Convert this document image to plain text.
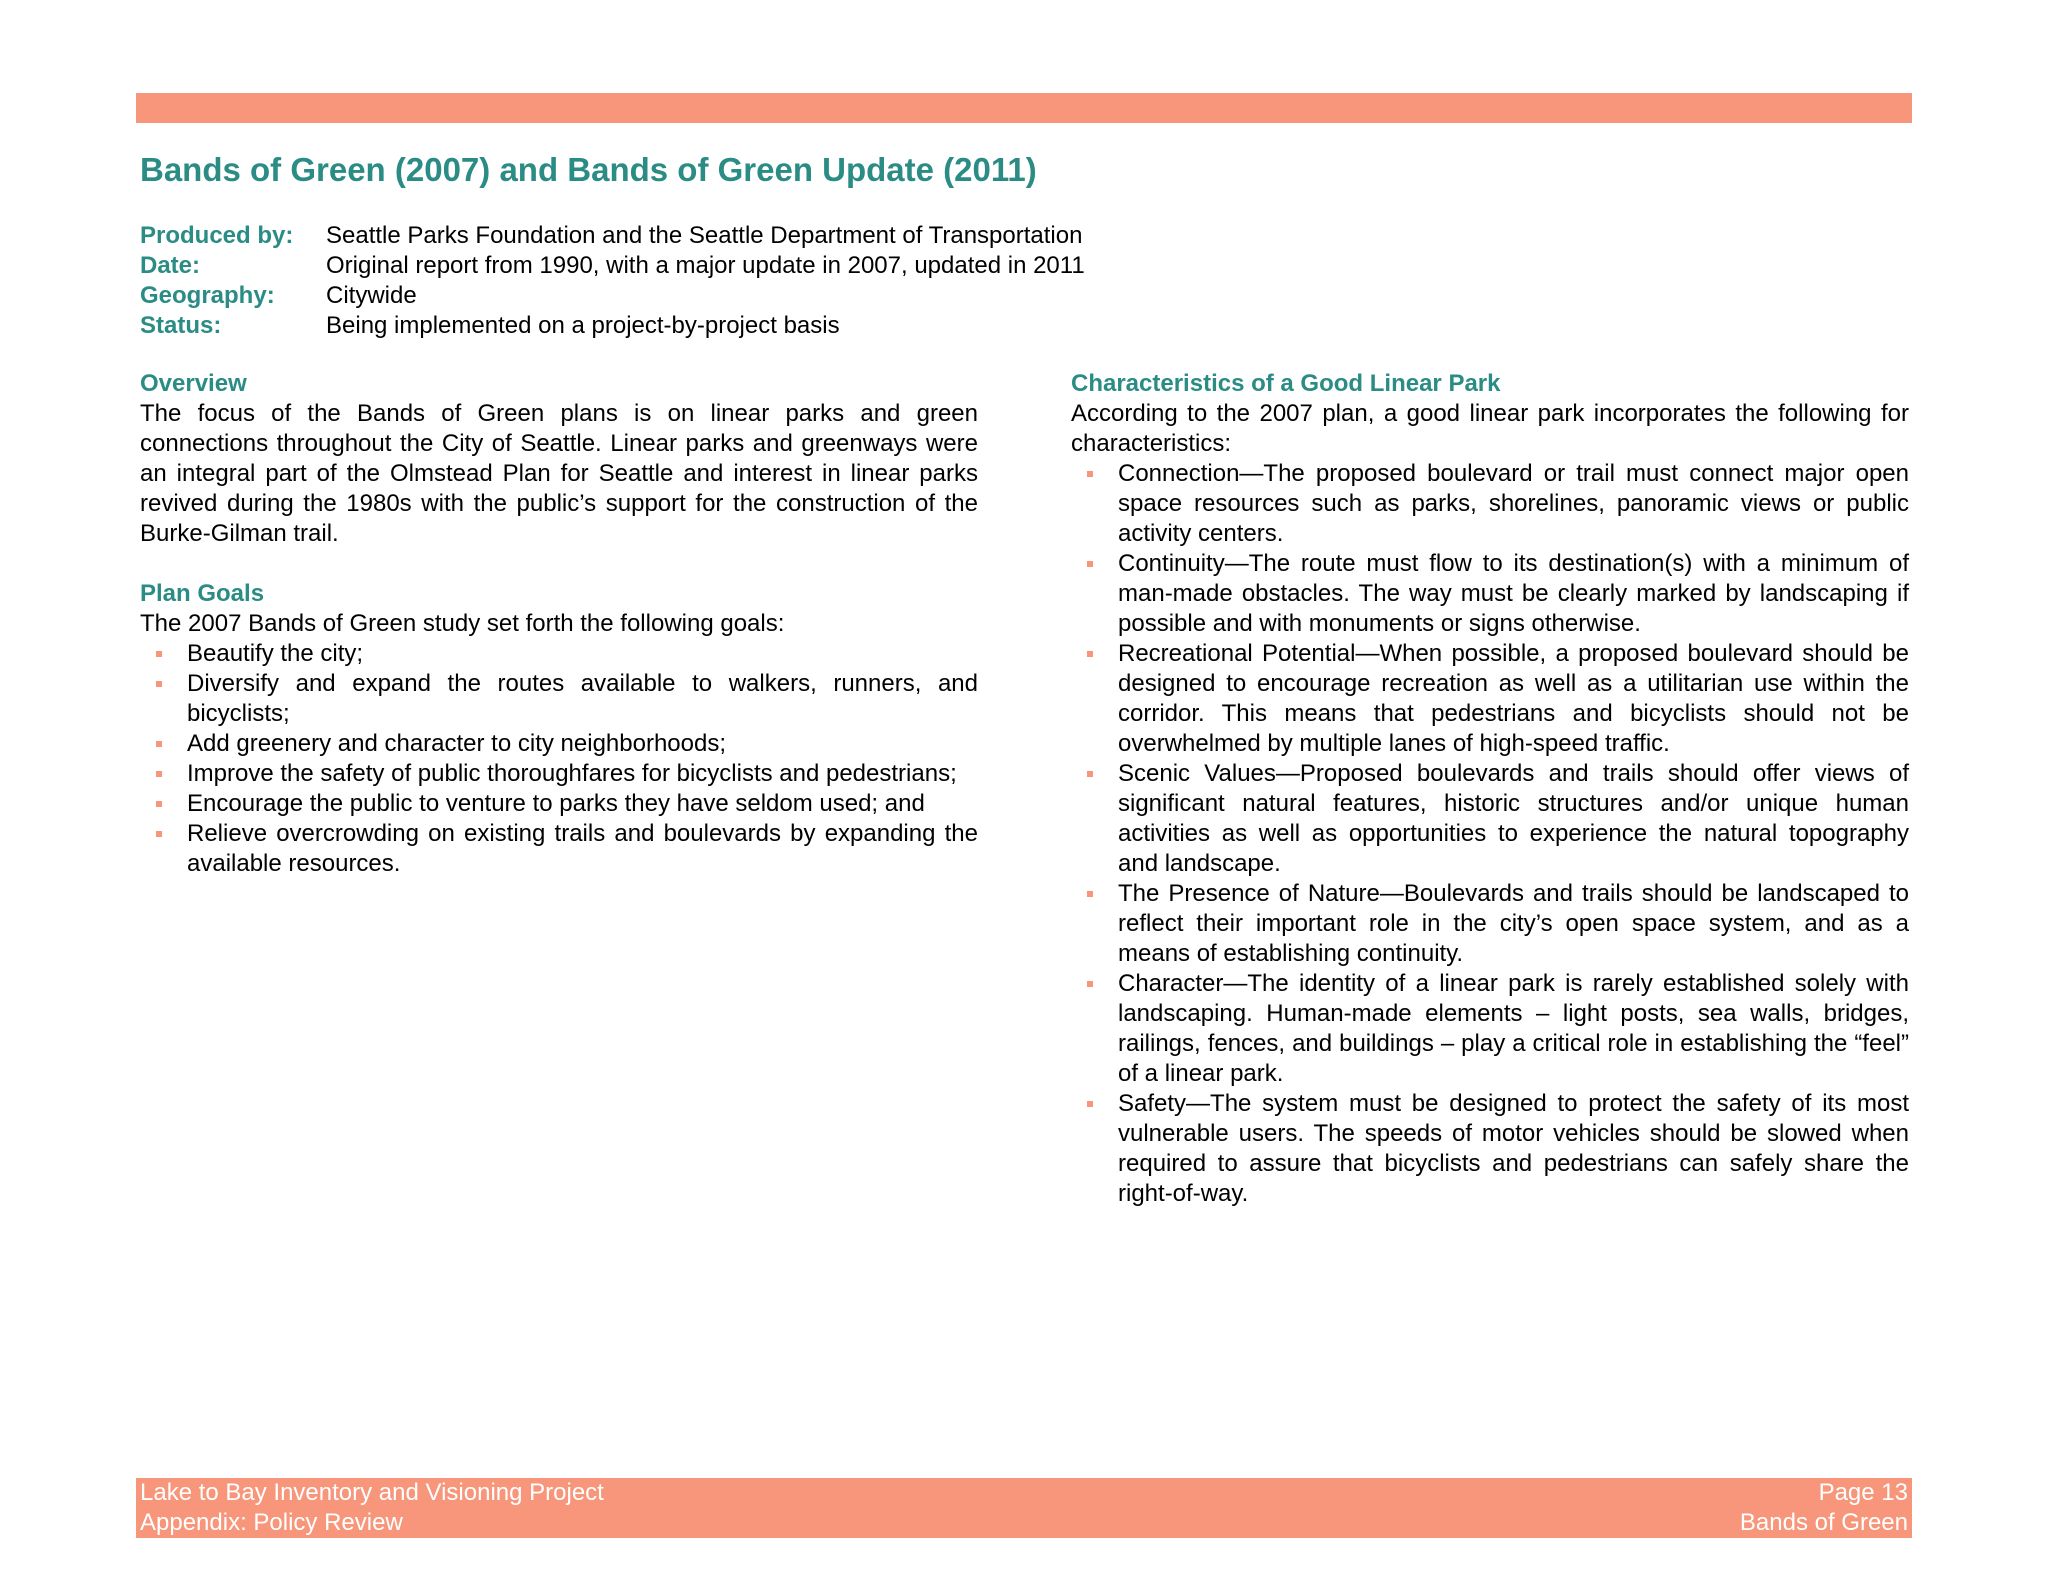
Bands of Green (2007) and Bands of Green Update (2011)
Produced by:	Seattle Parks Foundation and the Seattle Department of Transportation
Date:	Original report from 1990, with a major update in 2007, updated in 2011
Geography:	Citywide
Status:	Being implemented on a project-by-project basis
Overview

The focus of the Bands of Green plans is on linear parks and green connections throughout the City of Seattle. Linear parks and greenways were an integral part of the Olmstead Plan for Seattle and interest in linear parks revived during the 1980s with the public’s support for the construction of the Burke-Gilman trail.

Plan Goals

The 2007 Bands of Green study set forth the following goals:

Beautify the city;
Diversify and expand the routes available to walkers, runners, and bicyclists;
Add greenery and character to city neighborhoods;
Improve the safety of public thoroughfares for bicyclists and pedestrians;
Encourage the public to venture to parks they have seldom used; and
Relieve overcrowding on existing trails and boulevards by expanding the available resources.
Characteristics of a Good Linear Park

According to the 2007 plan, a good linear park incorporates the following for characteristics:

Connection—The proposed boulevard or trail must connect major open space resources such as parks, shorelines, panoramic views or public activity centers.
Continuity—The route must flow to its destination(s) with a minimum of man-made obstacles. The way must be clearly marked by landscaping if possible and with monuments or signs otherwise.
Recreational Potential—When possible, a proposed boulevard should be designed to encourage recreation as well as a utilitarian use within the corridor. This means that pedestrians and bicyclists should not be overwhelmed by multiple lanes of high-speed traffic.
Scenic Values—Proposed boulevards and trails should offer views of significant natural features, historic structures and/or unique human activities as well as opportunities to experience the natural topography and landscape.
The Presence of Nature—Boulevards and trails should be landscaped to reflect their important role in the city’s open space system, and as a means of establishing continuity.
Character—The identity of a linear park is rarely established solely with landscaping. Human-made elements – light posts, sea walls, bridges, railings, fences, and buildings – play a critical role in establishing the “feel” of a linear park.
Safety—The system must be designed to protect the safety of its most vulnerable users. The speeds of motor vehicles should be slowed when required to assure that bicyclists and pedestrians can safely share the right-of-way.
Lake to Bay Inventory and Visioning Project
Appendix: Policy Review
Page 13
Bands of Green
